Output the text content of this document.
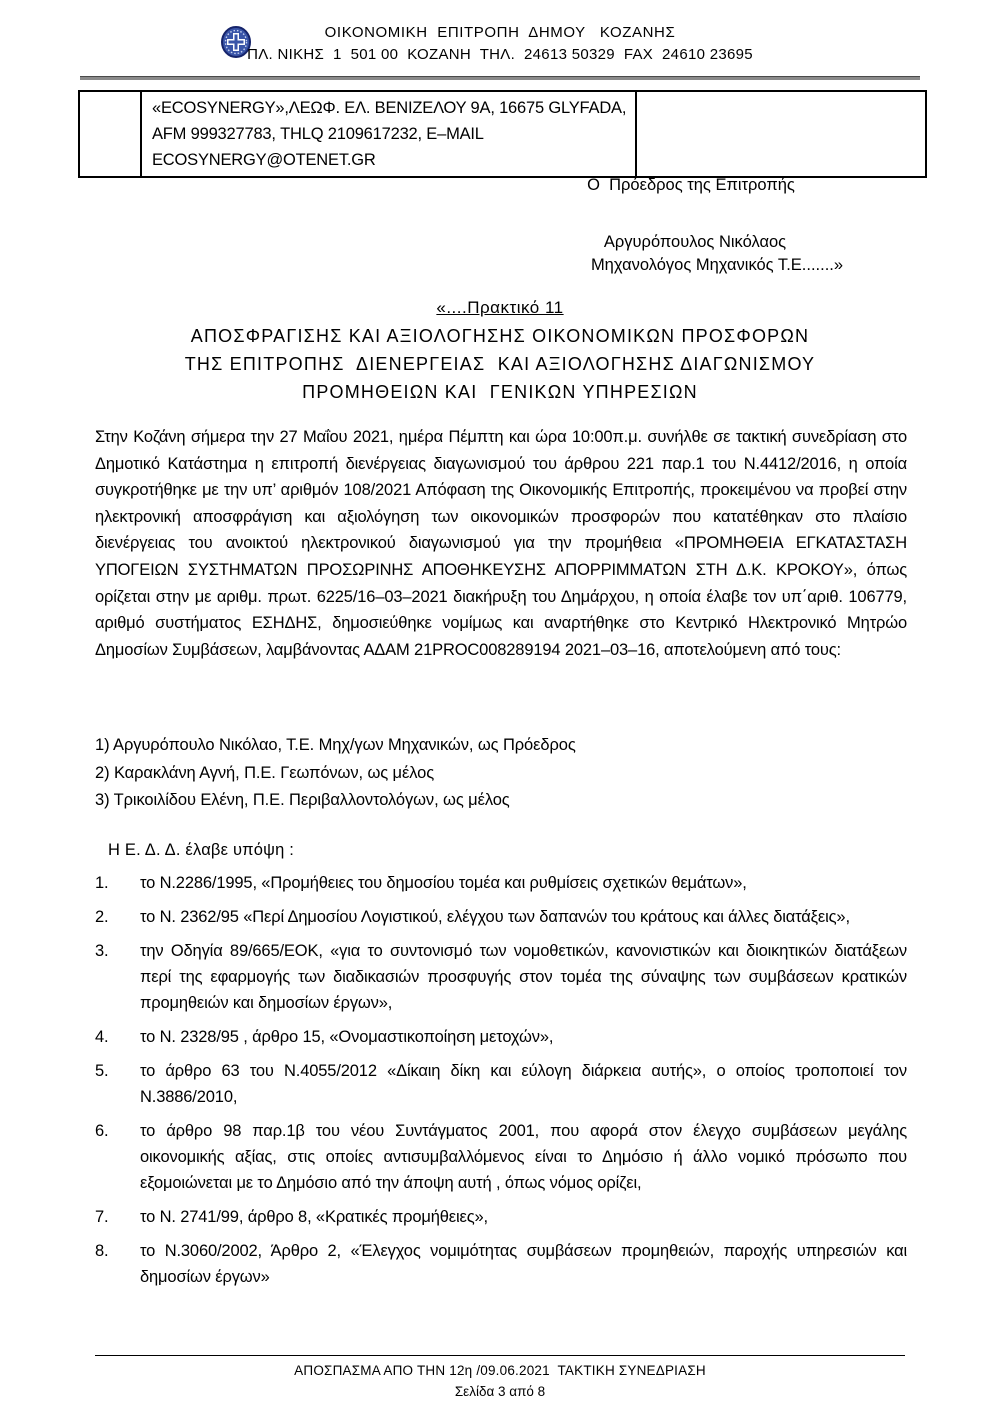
ΟΙΚΟΝΟΜΙΚΗ  ΕΠΙΤΡΟΠΗ  ΔΗΜΟΥ   ΚΟΖΑΝΗΣ
ΠΛ. ΝΙΚΗΣ  1  501 00  ΚΟΖΑΝΗ  ΤΗΛ.  24613 50329  FAX  24610 23695
	«ECOSYNERGY»,ΛΕΩΦ. ΕΛ. ΒΕΝΙΖΕΛΟΥ 9Α, 16675 GLYFADA, AFM 999327783, ΤΗLQ 2109617232, E–MAIL ECOSYNERGY@OTENET.GR	
Ο  Πρόεδρος της Επιτροπής
Αργυρόπουλος Νικόλαος
Μηχανολόγος Μηχανικός Τ.Ε.......»
«....Πρακτικό 11
ΑΠΟΣΦΡΑΓΙΣΗΣ ΚΑΙ ΑΞΙΟΛΟΓΗΣΗΣ ΟΙΚΟΝΟΜΙΚΩΝ ΠΡΟΣΦΟΡΩΝ
ΤΗΣ ΕΠΙΤΡΟΠΗΣ  ΔΙΕΝΕΡΓΕΙΑΣ  ΚΑΙ ΑΞΙΟΛΟΓΗΣΗΣ ΔΙΑΓΩΝΙΣΜΟΥ
ΠΡΟΜΗΘΕΙΩΝ ΚΑΙ  ΓΕΝΙΚΩΝ ΥΠΗΡΕΣΙΩΝ
Στην Κοζάνη σήμερα την 27 Μαΐου 2021, ημέρα Πέμπτη και ώρα 10:00π.μ. συνήλθε σε τακτική συνεδρίαση στο Δημοτικό Κατάστημα η επιτροπή διενέργειας διαγωνισμού του άρθρου 221 παρ.1 του Ν.4412/2016, η οποία συγκροτήθηκε με την υπ’ αριθμόν 108/2021 Απόφαση της Οικονομικής Επιτροπής, προκειμένου να προβεί στην ηλεκτρονική αποσφράγιση και αξιολόγηση των οικονομικών προσφορών που κατατέθηκαν στο πλαίσιο διενέργειας του ανοικτού ηλεκτρονικού διαγωνισμού για την προμήθεια «ΠΡΟΜΗΘΕΙΑ ΕΓΚΑΤΑΣΤΑΣΗ ΥΠΟΓΕΙΩΝ ΣΥΣΤΗΜΑΤΩΝ ΠΡΟΣΩΡΙΝΗΣ ΑΠΟΘΗΚΕΥΣΗΣ ΑΠΟΡΡΙΜΜΑΤΩΝ ΣΤΗ Δ.Κ. ΚΡΟΚΟΥ», όπως ορίζεται στην με αριθμ. πρωτ. 6225/16–03–2021 διακήρυξη του Δημάρχου, η οποία έλαβε τον υπ΄αριθ. 106779, αριθμό συστήματος ΕΣΗΔΗΣ, δημοσιεύθηκε νομίμως και αναρτήθηκε στο Κεντρικό Ηλεκτρονικό Μητρώο Δημοσίων Συμβάσεων, λαμβάνοντας ΑΔΑΜ 21PROC008289194 2021–03–16, αποτελούμενη από τους:
1) Αργυρόπουλο Νικόλαο, Τ.Ε. Μηχ/γων Μηχανικών, ως Πρόεδρος
2) Καρακλάνη Αγνή, Π.Ε. Γεωπόνων, ως μέλος
3) Τρικοιλίδου Ελένη, Π.Ε. Περιβαλλοντολόγων, ως μέλος
Η Ε. Δ. Δ. έλαβε υπόψη :
1.	το Ν.2286/1995, «Προμήθειες του δημοσίου τομέα και ρυθμίσεις σχετικών θεμάτων»,
2.	το Ν. 2362/95 «Περί Δημοσίου Λογιστικού, ελέγχου των δαπανών του κράτους και άλλες διατάξεις»,
3.	την Οδηγία 89/665/ΕΟΚ, «για το συντονισμό των νομοθετικών, κανονιστικών και διοικητικών διατάξεων περί της εφαρμογής των διαδικασιών προσφυγής στον τομέα της σύναψης των συμβάσεων κρατικών προμηθειών και δημοσίων έργων»,
4.	το Ν. 2328/95 , άρθρο 15, «Ονομαστικοποίηση μετοχών»,
5.	το άρθρο 63 του Ν.4055/2012 «Δίκαιη δίκη και εύλογη διάρκεια αυτής», ο οποίος τροποποιεί τον Ν.3886/2010,
6.	το άρθρο 98 παρ.1β του νέου Συντάγματος 2001, που αφορά στον έλεγχο συμβάσεων μεγάλης οικονομικής αξίας, στις οποίες αντισυμβαλλόμενος είναι το Δημόσιο ή άλλο νομικό πρόσωπο που εξομοιώνεται με το Δημόσιο από την άποψη αυτή , όπως νόμος ορίζει,
7.	το Ν. 2741/99, άρθρο 8, «Κρατικές προμήθειες»,
8.	το Ν.3060/2002, Άρθρο 2, «Έλεγχος νομιμότητας συμβάσεων προμηθειών, παροχής υπηρεσιών και δημοσίων έργων»
ΑΠΟΣΠΑΣΜΑ ΑΠΟ ΤΗΝ 12η /09.06.2021  ΤΑΚΤΙΚΗ ΣΥΝΕΔΡΙΑΣΗ
Σελίδα 3 από 8
